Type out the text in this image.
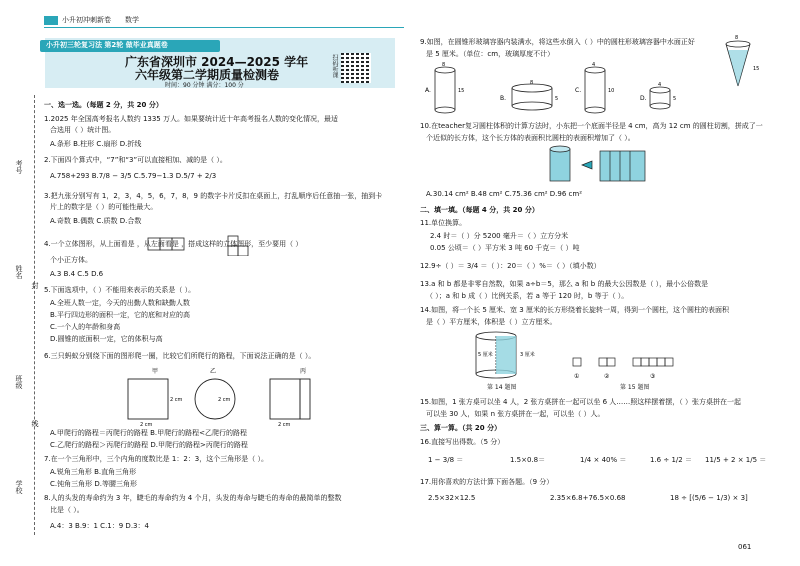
小升初冲刺新卷 数学
小升初三轮复习法 第2轮 做毕业真题卷
广东省深圳市 2024—2025 学年
六年级第二学期质量检测卷
时间：90 分钟 满分：100 分
扫码听课
考号
姓名
封
班级
线
学校
一、选一选。（每题 2 分，共 20 分）
1.2025 年全国高考报名人数约 1335 万人。如果要统计近十年高考报名人数的变化情况，最适
合选用（ ）统计图。
A.条形 B.柱形 C.扇形 D.折线
2.下面四个算式中，“7”和“3”可以直接相加、减的是（ ）。
A.758+293 B.7/8 − 3/5 C.5.79−1.3 D.5/7 + 2/3
3.把九张分别写有 1，2，3，4，5，6，7，8，9 的数字卡片反扣在桌面上，打乱顺序后任意抽一张，抽到卡
片上的数字是（ ）的可能性最大。
A.奇数 B.偶数 C.质数 D.合数
4.一个立体图形，从上面看是 ，从左面看是 ，搭成这样的立体图形，至少要用（ ）
个小正方体。
A.3 B.4 C.5 D.6
5.下面选项中，（ ）不能用来表示的关系是（ ）。
A.全班人数一定，今天的出勤人数和缺勤人数
B.平行四边形的面积一定，它的底和对应的高
C.一个人的年龄和身高
D.圆锥的底面积一定，它的体积与高
6.三只蚂蚁分别绕下面的图形爬一圈，比较它们所爬行的路程，下面说法正确的是（ ）。
甲	乙	丙
2 cm
2 cm
2 cm
2 cm
A.甲爬行的路程＝丙爬行的路程 B.甲爬行的路程<乙爬行的路程
C.乙爬行的路程＞丙爬行的路程 D.甲爬行的路程>丙爬行的路程
7.在一个三角形中，三个内角的度数比是 1：2：3，这个三角形是（ ）。
A.锐角三角形 B.直角三角形
C.钝角三角形 D.等腰三角形
8.人的头发的寿命约为 3 年，睫毛的寿命约为 4 个月，头发的寿命与睫毛的寿命的最简单的整数
比是（ ）。
A.4：3 B.9：1 C.1：9 D.3：4
9.如图，在圆锥形玻璃容器内装满水，将这些水倒入（ ）中的圆柱形玻璃容器中水面正好
是 5 厘米。（单位：cm，玻璃厚度不计）
A.
B.
C.
D.
8
15
8
5
4
10
4
5
8
15
10.在teacher复习圆柱体积的计算方法时，小东把一个底面半径是 4 cm，高为 12 cm 的圆柱切割，拼成了一
个近似的长方体，这个长方体的表面积比圆柱的表面积增加了（ ）。
A.30.14 cm² B.48 cm² C.75.36 cm² D.96 cm²
二、填一填。（每题 4 分，共 20 分）
11.单位换算。
2.4 时＝（ ）分 5200 毫升＝（ ）立方分米
0.05 公顷＝（ ）平方米 3 吨 60 千克＝（ ）吨
12.9÷（ ）＝ 3/4 ＝（ ）：20＝（ ）%＝（ ）（填小数）
13.a 和 b 都是非零自然数，如果 a÷b＝5，那么 a 和 b 的最大公因数是（ ），最小公倍数是
（ ）；a 和 b 成（ ）比例关系，若 a 等于 120 时，b 等于（ ）。
14.如图，将一个长 5 厘米、宽 3 厘米的长方形绕着长旋转一周，得到一个圆柱，这个圆柱的表面积
是（ ）平方厘米，体积是（ ）立方厘米。
3 厘米
5 厘米
第 14 题图
①	②	③
第 15 题图
15.如图，1 张方桌可以坐 4 人，2 张方桌拼在一起可以坐 6 人……照这样摆着摆，（ ）张方桌拼在一起
可以坐 30 人，如果 n 张方桌拼在一起，可以坐（ ）人。
三、算一算。（共 20 分）
16.直接写出得数。（5 分）
1 − 3/8 ＝	1.5×0.8＝	1/4 × 40% ＝	1.6 ÷ 1/2 ＝ 11/5 + 2 × 1/5 ＝
17.用你喜欢的方法计算下面各题。（9 分）
2.5×32×12.5	2.35×6.8+76.5×0.68	18 ÷ [(5/6 − 1/3) × 3]
061
